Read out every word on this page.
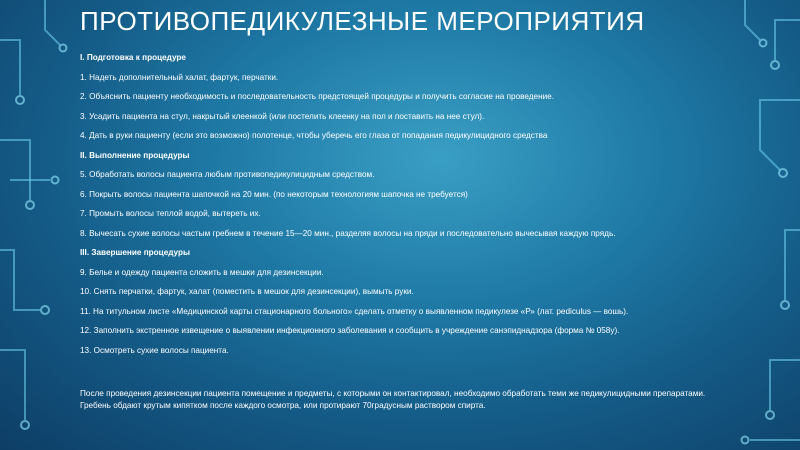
ПРОТИВОПЕДИКУЛЕЗНЫЕ МЕРОПРИЯТИЯ
I. Подготовка к процедуре
1. Надеть дополнительный халат, фартук, перчатки.
2. Объяснить пациенту необходимость и последовательность предстоящей процедуры и получить согласие на проведение.
3. Усадить пациента на стул, накрытый клеенкой (или постелить клеенку на пол и поставить на нее стул).
4. Дать в руки пациенту (если это возможно) полотенце, чтобы уберечь его глаза от попадания педикулицидного средства
II. Выполнение процедуры
5. Обработать волосы пациента любым противопедикулицидным средством.
6. Покрыть волосы пациента шапочкой на 20 мин. (по некоторым технологиям шапочка не требуется)
7. Промыть волосы теплой водой, вытереть их.
8. Вычесать сухие волосы частым гребнем в течение 15—20 мин., разделяя волосы на пряди и последовательно вычесывая каждую прядь.
III. Завершение процедуры
9. Белье и одежду пациента сложить в мешки для дезинсекции.
10. Снять перчатки, фартук, халат (поместить в мешок для дезинсекции), вымыть руки.
11. На титульном листе «Медицинской карты стационарного больного» сделать отметку о выявленном педикулезе «Р» (лат. pediculus — вошь).
12. Заполнить экстренное извещение о выявлении инфекционного заболевания и сообщить в учреждение санэпиднадзора (форма № 058у).
13. Осмотреть сухие волосы пациента.
После проведения дезинсекции пациента помещение и предметы, с которыми он контактировал, необходимо обработать теми же педикулицидными препаратами. Гребень обдают крутым кипятком после каждого осмотра, или протирают 70градусным раствором спирта.
